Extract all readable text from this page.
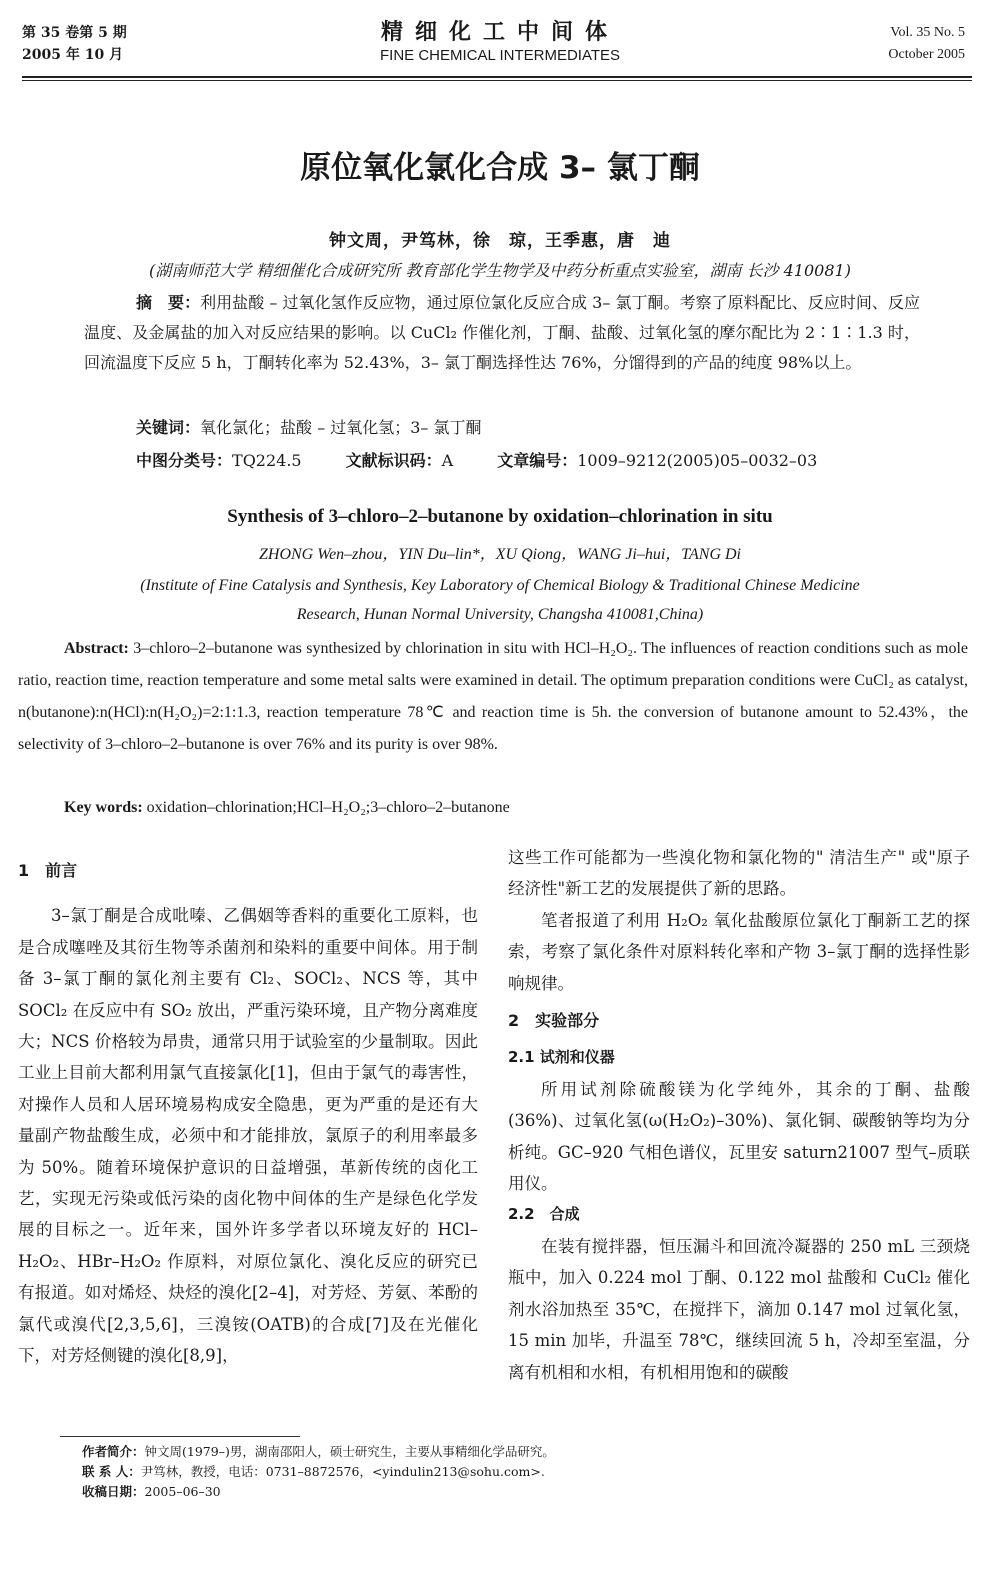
第 35 卷第 5 期
2005 年 10 月
精细化工中间体
FINE CHEMICAL INTERMEDIATES
Vol. 35 No. 5
October 2005
原位氧化氯化合成 3– 氯丁酮
钟文周，尹笃林，徐　琼，王季惠，唐　迪
(湖南师范大学 精细催化合成研究所 教育部化学生物学及中药分析重点实验室，湖南 长沙 410081)
摘　要：利用盐酸 – 过氧化氢作反应物，通过原位氯化反应合成 3– 氯丁酮。考察了原料配比、反应时间、反应温度、及金属盐的加入对反应结果的影响。以 CuCl₂ 作催化剂，丁酮、盐酸、过氧化氢的摩尔配比为 2∶1∶1.3 时，回流温度下反应 5 h，丁酮转化率为 52.43%，3– 氯丁酮选择性达 76%，分馏得到的产品的纯度 98%以上。
关键词：氧化氯化；盐酸 – 过氧化氢；3– 氯丁酮
中图分类号：TQ224.5	文献标识码：A	文章编号：1009–9212(2005)05–0032–03
Synthesis of 3–chloro–2–butanone by oxidation–chlorination in situ
ZHONG Wen–zhou，YIN Du–lin*，XU Qiong，WANG Ji–hui，TANG Di
(Institute of Fine Catalysis and Synthesis, Key Laboratory of Chemical Biology & Traditional Chinese Medicine
Research, Hunan Normal University, Changsha 410081,China)
Abstract: 3–chloro–2–butanone was synthesized by chlorination in situ with HCl–H₂O₂. The influences of reaction conditions such as mole ratio, reaction time, reaction temperature and some metal salts were examined in detail. The optimum preparation conditions were CuCl₂ as catalyst, n(butanone):n(HCl):n(H₂O₂)=2:1:1.3, reaction temperature 78℃ and reaction time is 5h. the conversion of butanone amount to 52.43%，the selectivity of 3–chloro–2–butanone is over 76% and its purity is over 98%.
Key words: oxidation–chlorination;HCl–H₂O₂;3–chloro–2–butanone
1　前言

3–氯丁酮是合成吡嗪、乙偶姻等香料的重要化工原料，也是合成噻唑及其衍生物等杀菌剂和染料的重要中间体。用于制备 3–氯丁酮的氯化剂主要有 Cl₂、SOCl₂、NCS 等，其中 SOCl₂ 在反应中有 SO₂ 放出，严重污染环境，且产物分离难度大；NCS 价格较为昂贵，通常只用于试验室的少量制取。因此工业上目前大都利用氯气直接氯化[1]，但由于氯气的毒害性，对操作人员和人居环境易构成安全隐患，更为严重的是还有大量副产物盐酸生成，必须中和才能排放，氯原子的利用率最多为 50%。随着环境保护意识的日益增强，革新传统的卤化工艺，实现无污染或低污染的卤化物中间体的生产是绿色化学发展的目标之一。近年来，国外许多学者以环境友好的 HCl–H₂O₂、HBr–H₂O₂ 作原料，对原位氯化、溴化反应的研究已有报道。如对烯烃、炔烃的溴化[2–4]，对芳烃、芳氨、苯酚的氯代或溴代[2,3,5,6]，三溴铵(OATB)的合成[7]及在光催化下，对芳烃侧键的溴化[8,9]，

这些工作可能都为一些溴化物和氯化物的" 清洁生产" 或"原子经济性"新工艺的发展提供了新的思路。

笔者报道了利用 H₂O₂ 氧化盐酸原位氯化丁酮新工艺的探索，考察了氯化条件对原料转化率和产物 3–氯丁酮的选择性影响规律。

2　实验部分
2.1 试剂和仪器

所用试剂除硫酸镁为化学纯外，其余的丁酮、盐酸(36%)、过氧化氢(ω(H₂O₂)–30%)、氯化铜、碳酸钠等均为分析纯。GC–920 气相色谱仪，瓦里安 saturn21007 型气–质联用仪。

2.2　合成

在装有搅拌器，恒压漏斗和回流冷凝器的 250 mL 三颈烧瓶中，加入 0.224 mol 丁酮、0.122 mol 盐酸和 CuCl₂ 催化剂水浴加热至 35℃，在搅拌下，滴加 0.147 mol 过氧化氢，15 min 加毕，升温至 78℃，继续回流 5 h，冷却至室温，分离有机相和水相，有机相用饱和的碳酸

作者简介：钟文周(1979–)男，湖南邵阳人，硕士研究生，主要从事精细化学品研究。
联 系 人：尹笃林，教授，电话：0731–8872576，<yindulin213@sohu.com>.
收稿日期：2005–06–30
